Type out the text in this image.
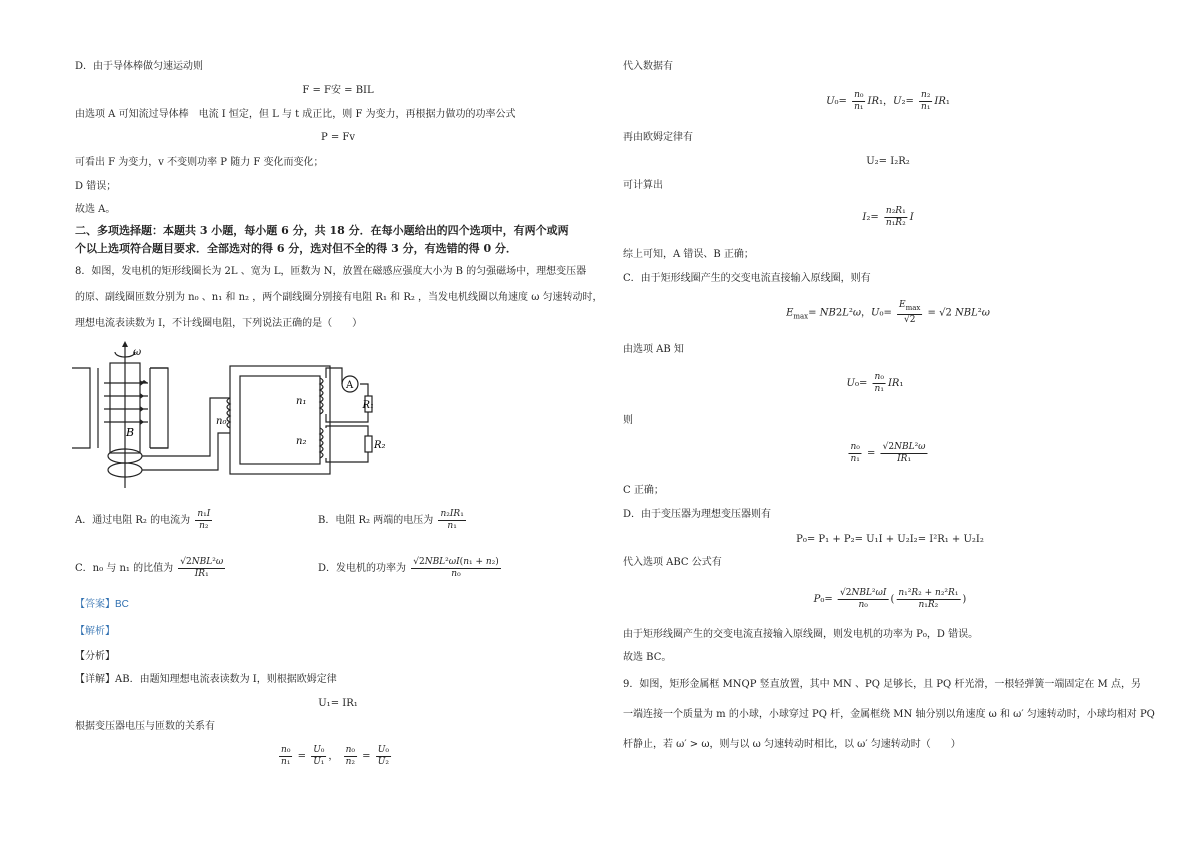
D．由于导体棒做匀速运动则
F = F安 = BIL
由选项 A 可知流过导体棒　电流 I 恒定，但 L 与 t 成正比，则 F 为变力，再根据力做功的功率公式
P = Fv
可看出 F 为变力，v 不变则功率 P 随力 F 变化而变化；
D 错误；
故选 A。
二、多项选择题：本题共 3 小题，每小题 6 分，共 18 分．在每小题给出的四个选项中，有两个或两
个以上选项符合题目要求．全部选对的得 6 分，选对但不全的得 3 分，有选错的得 0 分．
8．如图，发电机的矩形线圈长为 2L 、宽为 L，匝数为 N，放置在磁感应强度大小为 B 的匀强磁场中，理想变压器
的原、副线圈匝数分别为 n₀ 、n₁ 和 n₂ ，两个副线圈分别接有电阻 R₁ 和 R₂ ，当发电机线圈以角速度 ω 匀速转动时，
理想电流表读数为 I，不计线圈电阻，下列说法正确的是（　　）
ω
B
n₀
n₁
n₂
A
R₁
R₂
A．通过电阻 R₂ 的电流为 $\frac{\text{n₁I}}{\text{n₂}}$	B．电阻 R₂ 两端的电压为 $\frac{\text{n₂IR₁}}{\text{n₁}}$
C．n₀ 与 n₁ 的比值为 $\frac{\text{√2NBL²ω}}{\text{IR₁}}$	D．发电机的功率为 $\frac{\text{√2NBL²ωI(n₁ + n₂)}}{\text{n₀}}$
【答案】BC
【解析】
【分析】
【详解】AB．由题知理想电流表读数为 I，则根据欧姆定律
U₁= IR₁
根据变压器电压与匝数的关系有
$\frac{\text{n₀}}{\text{n₁}} = \frac{\text{U₀}}{\text{U₁}}$ ， $\frac{\text{n₀}}{\text{n₂}} = \frac{\text{U₀}}{\text{U₂}}$
代入数据有
$U_0= \frac{\text{n₀}}{\text{n₁}} IR_1$，$U_2= \frac{\text{n₂}}{\text{n₁}} IR_1$
再由欧姆定律有
U₂= I₂R₂
可计算出
$I_2= \frac{\text{n₂R₁}}{\text{n₁R₂}}$ I
综上可知，A 错误、B 正确；
C．由于矩形线圈产生的交变电流直接输入原线圈，则有
$E_{max}= NB2L^2\omega$，$U_0= \frac{E_{max}}{√2} = √2$ NBL²ω
由选项 AB 知
$U_0= \frac{\text{n₀}}{\text{n₁}} IR_1$
则
$\frac{\text{n₀}}{\text{n₁}} = \frac{\text{√2NBL²ω}}{\text{IR₁}}$
C 正确；
D．由于变压器为理想变压器则有
P₀= P₁ + P₂= U₁I + U₂I₂= I²R₁ + U₂I₂
代入选项 ABC 公式有
$P_0= \frac{\text{√2NBL²ωI}}{\text{n₀}}$ ( $\frac{\text{n₁²R₂ + n₂²R₁}}{\text{n₁R₂}}$ )
由于矩形线圈产生的交变电流直接输入原线圈，则发电机的功率为 P₀，D 错误。
故选 BC。
9．如图，矩形金属框 MNQP 竖直放置，其中 MN 、PQ 足够长，且 PQ 杆光滑，一根轻弹簧一端固定在 M 点，另
一端连接一个质量为 m 的小球，小球穿过 PQ 杆，金属框绕 MN 轴分别以角速度 ω 和 ω′ 匀速转动时，小球均相对 PQ
杆静止，若 ω′ > ω，则与以 ω 匀速转动时相比，以 ω′ 匀速转动时（　　）
